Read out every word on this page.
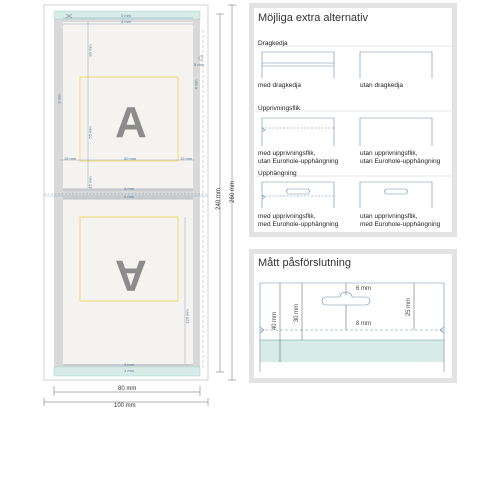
5 mm
4 mm
90 mm
55 mm
8 mm
4 mm
15 mm	50 mm	15 mm
4 mm
4 mm
15 mm
120 mm
4 mm
1 mm
5 mm
A
A
80 mm
100 mm
240 mm 260 mm
Möjliga extra alternativ
Dragkedja
med dragkedja	utan dragkedja
Upprivningsflik
med upprivningsflik,
utan Eurohole-upphängning
utan upprivningsflik,
utan Eurohole-upphängning
Upphängning
med upprivningsflik,
med Eurohole-upphängning
utan upprivningsflik,
med Eurohole-upphängning
Mått påsförslutning
40 mm	30 mm
6 mm
8 mm
25 mm
